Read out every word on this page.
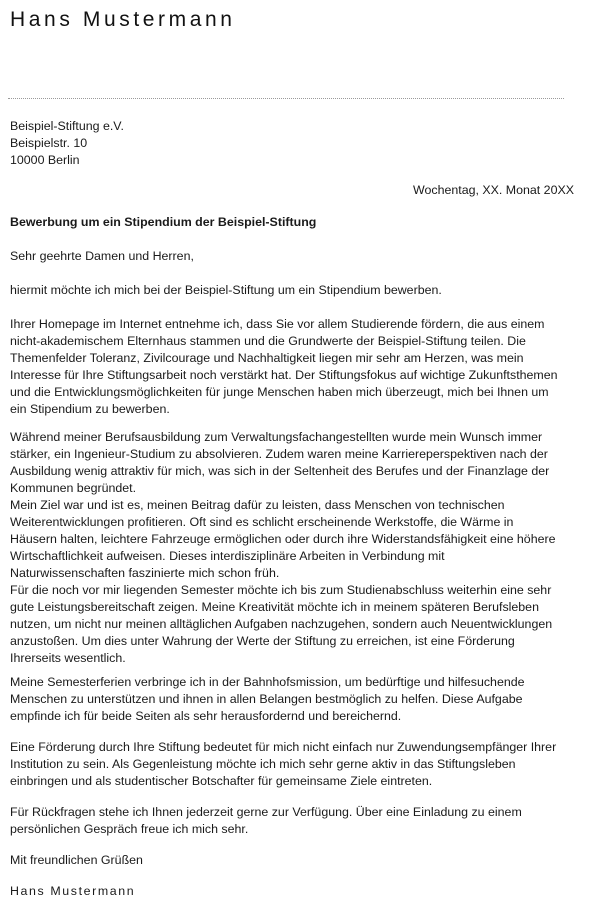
Hans Mustermann
Beispiel-Stiftung e.V.
Beispielstr. 10
10000 Berlin
Wochentag, XX. Monat 20XX
Bewerbung um ein Stipendium der Beispiel-Stiftung
Sehr geehrte Damen und Herren,
hiermit möchte ich mich bei der Beispiel-Stiftung um ein Stipendium bewerben.
Ihrer Homepage im Internet entnehme ich, dass Sie vor allem Studierende fördern, die aus einem
nicht-akademischem Elternhaus stammen und die Grundwerte der Beispiel-Stiftung teilen. Die
Themenfelder Toleranz, Zivilcourage und Nachhaltigkeit liegen mir sehr am Herzen, was mein
Interesse für Ihre Stiftungsarbeit noch verstärkt hat. Der Stiftungsfokus auf wichtige Zukunftsthemen
und die Entwicklungsmöglichkeiten für junge Menschen haben mich überzeugt, mich bei Ihnen um
ein Stipendium zu bewerben.
Während meiner Berufsausbildung zum Verwaltungsfachangestellten wurde mein Wunsch immer
stärker, ein Ingenieur-Studium zu absolvieren. Zudem waren meine Karriereperspektiven nach der
Ausbildung wenig attraktiv für mich, was sich in der Seltenheit des Berufes und der Finanzlage der
Kommunen begründet.
Mein Ziel war und ist es, meinen Beitrag dafür zu leisten, dass Menschen von technischen
Weiterentwicklungen profitieren. Oft sind es schlicht erscheinende Werkstoffe, die Wärme in
Häusern halten, leichtere Fahrzeuge ermöglichen oder durch ihre Widerstandsfähigkeit eine höhere
Wirtschaftlichkeit aufweisen. Dieses interdisziplinäre Arbeiten in Verbindung mit
Naturwissenschaften faszinierte mich schon früh.
Für die noch vor mir liegenden Semester möchte ich bis zum Studienabschluss weiterhin eine sehr
gute Leistungsbereitschaft zeigen. Meine Kreativität möchte ich in meinem späteren Berufsleben
nutzen, um nicht nur meinen alltäglichen Aufgaben nachzugehen, sondern auch Neuentwicklungen
anzustoßen. Um dies unter Wahrung der Werte der Stiftung zu erreichen, ist eine Förderung
Ihrerseits wesentlich.
Meine Semesterferien verbringe ich in der Bahnhofsmission, um bedürftige und hilfesuchende
Menschen zu unterstützen und ihnen in allen Belangen bestmöglich zu helfen. Diese Aufgabe
empfinde ich für beide Seiten als sehr herausfordernd und bereichernd.
Eine Förderung durch Ihre Stiftung bedeutet für mich nicht einfach nur Zuwendungsempfänger Ihrer
Institution zu sein. Als Gegenleistung möchte ich mich sehr gerne aktiv in das Stiftungsleben
einbringen und als studentischer Botschafter für gemeinsame Ziele eintreten.
Für Rückfragen stehe ich Ihnen jederzeit gerne zur Verfügung. Über eine Einladung zu einem
persönlichen Gespräch freue ich mich sehr.
Mit freundlichen Grüßen
Hans Mustermann
